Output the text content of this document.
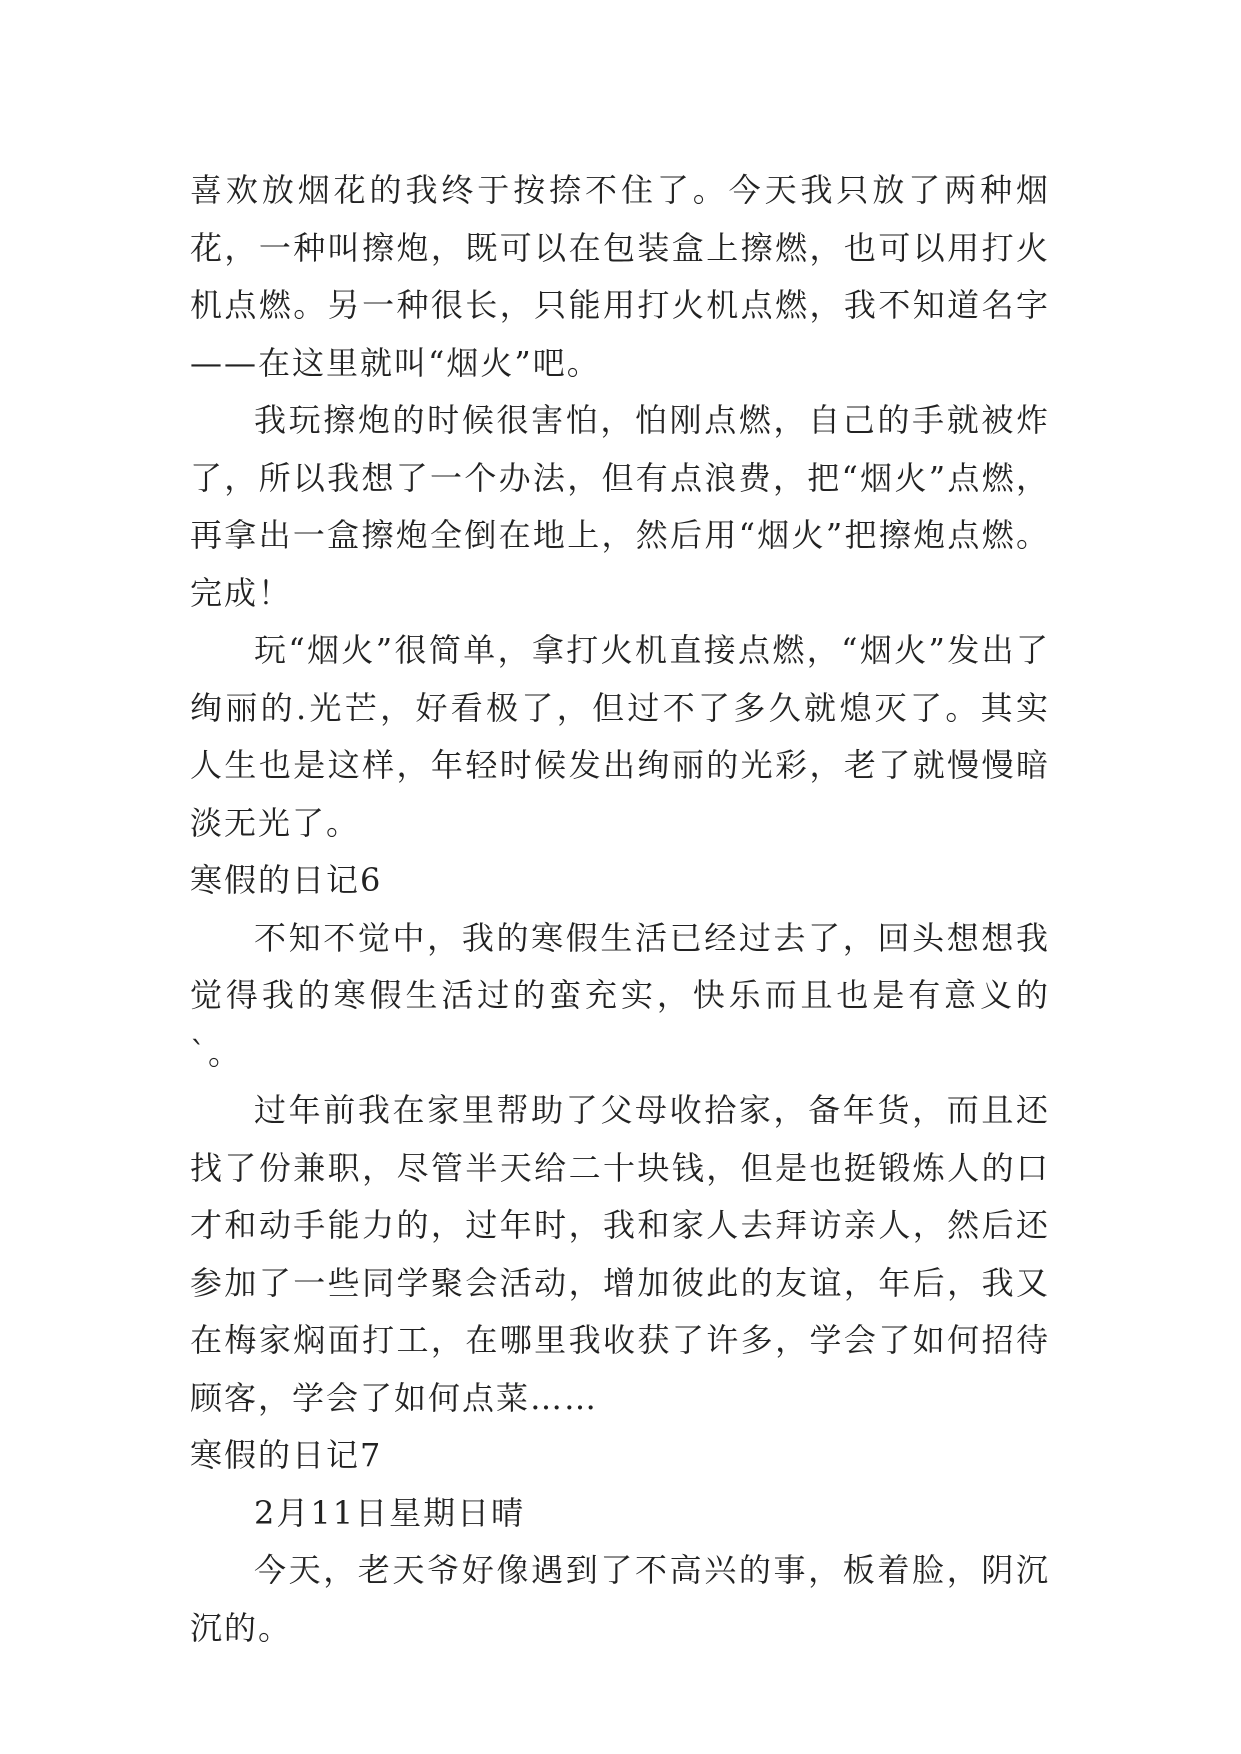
喜欢放烟花的我终于按捺不住了。今天我只放了两种烟花，一种叫擦炮，既可以在包装盒上擦燃，也可以用打火机点燃。另一种很长，只能用打火机点燃，我不知道名字——在这里就叫“烟火”吧。

我玩擦炮的时候很害怕，怕刚点燃，自己的手就被炸了，所以我想了一个办法，但有点浪费，把“烟火”点燃，再拿出一盒擦炮全倒在地上，然后用“烟火”把擦炮点燃。完成！

玩“烟火”很简单，拿打火机直接点燃，“烟火”发出了绚丽的.光芒，好看极了，但过不了多久就熄灭了。其实人生也是这样，年轻时候发出绚丽的光彩，老了就慢慢暗淡无光了。

寒假的日记6

不知不觉中，我的寒假生活已经过去了，回头想想我觉得我的寒假生活过的蛮充实，快乐而且也是有意义的`。

过年前我在家里帮助了父母收拾家，备年货，而且还找了份兼职，尽管半天给二十块钱，但是也挺锻炼人的口才和动手能力的，过年时，我和家人去拜访亲人，然后还参加了一些同学聚会活动，增加彼此的友谊，年后，我又在梅家焖面打工，在哪里我收获了许多，学会了如何招待顾客，学会了如何点菜……

寒假的日记7

2月11日星期日晴

今天，老天爷好像遇到了不高兴的事，板着脸，阴沉沉的。
